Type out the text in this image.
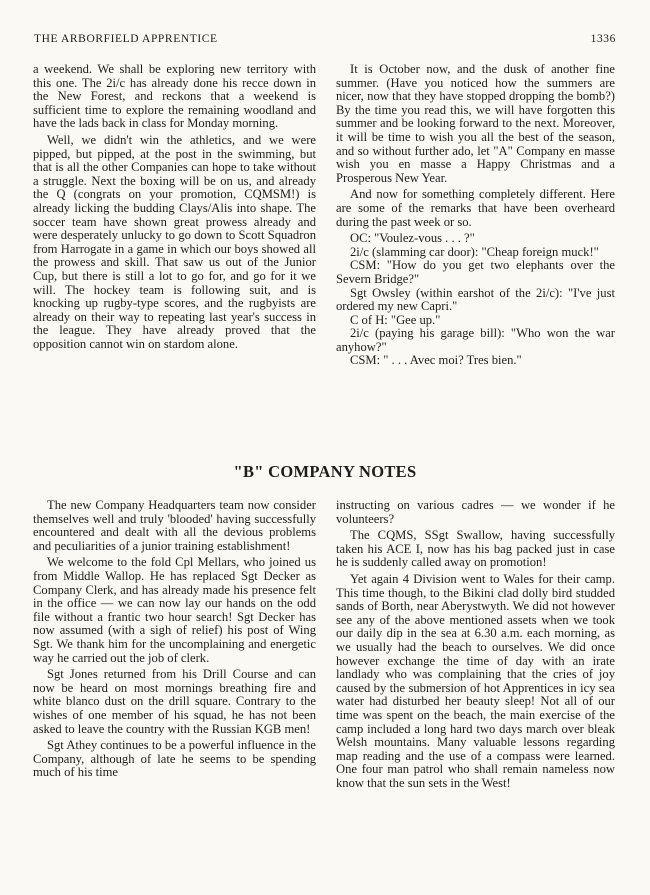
THE ARBORFIELD APPRENTICE	1336

a weekend. We shall be exploring new territory with this one. The 2i/c has already done his recce down in the New Forest, and reckons that a weekend is sufficient time to explore the remaining woodland and have the lads back in class for Monday morning.

Well, we didn't win the athletics, and we were pipped, but pipped, at the post in the swimming, but that is all the other Companies can hope to take without a struggle. Next the boxing will be on us, and already the Q (congrats on your promotion, CQMSM!) is already licking the budding Clays/Alis into shape. The soccer team have shown great prowess already and were desperately unlucky to go down to Scott Squadron from Harrogate in a game in which our boys showed all the prowess and skill. That saw us out of the Junior Cup, but there is still a lot to go for, and go for it we will. The hockey team is following suit, and is knocking up rugby-type scores, and the rugbyists are already on their way to repeating last year's success in the league. They have already proved that the opposition cannot win on stardom alone.

It is October now, and the dusk of another fine summer. (Have you noticed how the summers are nicer, now that they have stopped dropping the bomb?) By the time you read this, we will have forgotten this summer and be looking forward to the next. Moreover, it will be time to wish you all the best of the season, and so without further ado, let "A" Company en masse wish you en masse a Happy Christmas and a Prosperous New Year.

And now for something completely different. Here are some of the remarks that have been overheard during the past week or so.

OC: "Voulez-vous . . . ?"

2i/c (slamming car door): "Cheap foreign muck!"

CSM: "How do you get two elephants over the Severn Bridge?"

Sgt Owsley (within earshot of the 2i/c): "I've just ordered my new Capri."

C of H: "Gee up."

2i/c (paying his garage bill): "Who won the war anyhow?"

CSM: " . . . Avec moi? Tres bien."

"B" COMPANY NOTES

The new Company Headquarters team now consider themselves well and truly 'blooded' having successfully encountered and dealt with all the devious problems and peculiarities of a junior training establishment!

We welcome to the fold Cpl Mellars, who joined us from Middle Wallop. He has replaced Sgt Decker as Company Clerk, and has already made his presence felt in the office — we can now lay our hands on the odd file without a frantic two hour search! Sgt Decker has now assumed (with a sigh of relief) his post of Wing Sgt. We thank him for the uncomplaining and energetic way he carried out the job of clerk.

Sgt Jones returned from his Drill Course and can now be heard on most mornings breathing fire and white blanco dust on the drill square. Contrary to the wishes of one member of his squad, he has not been asked to leave the country with the Russian KGB men!

Sgt Athey continues to be a powerful influence in the Company, although of late he seems to be spending much of his time

instructing on various cadres — we wonder if he volunteers?

The CQMS, SSgt Swallow, having successfully taken his ACE I, now has his bag packed just in case he is suddenly called away on promotion!

Yet again 4 Division went to Wales for their camp. This time though, to the Bikini clad dolly bird studded sands of Borth, near Aberystwyth. We did not however see any of the above mentioned assets when we took our daily dip in the sea at 6.30 a.m. each morning, as we usually had the beach to ourselves. We did once however exchange the time of day with an irate landlady who was complaining that the cries of joy caused by the submersion of hot Apprentices in icy sea water had disturbed her beauty sleep! Not all of our time was spent on the beach, the main exercise of the camp included a long hard two days march over bleak Welsh mountains. Many valuable lessons regarding map reading and the use of a compass were learned. One four man patrol who shall remain nameless now know that the sun sets in the West!
